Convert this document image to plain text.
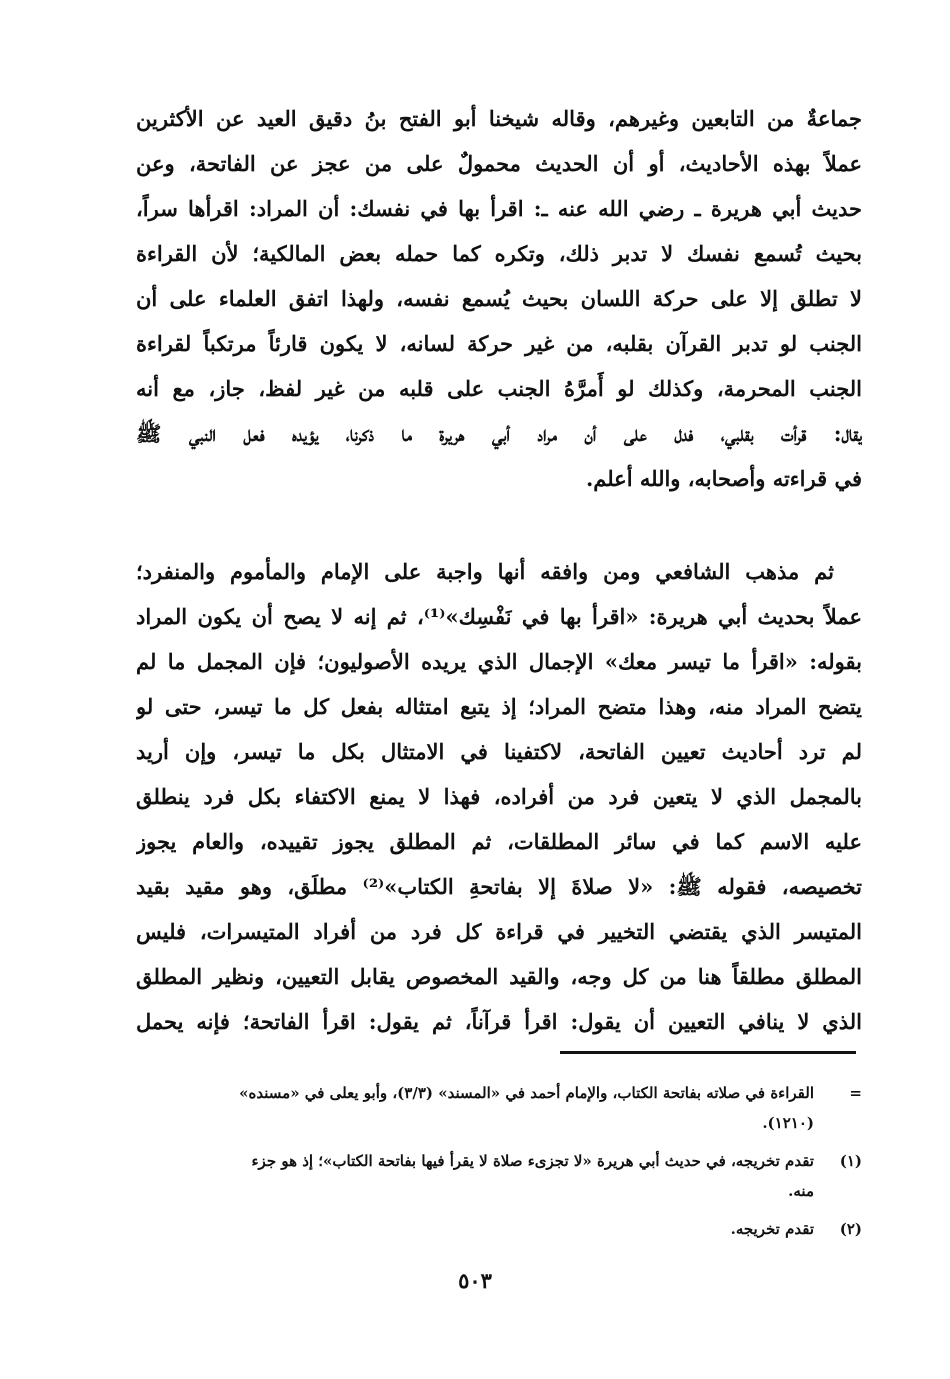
جماعةٌ من التابعين وغيرهم، وقاله شيخنا أبو الفتح بنُ دقيق العيد عن الأكثرين
عملاً بهذه الأحاديث، أو أن الحديث محمولٌ على من عجز عن الفاتحة، وعن
حديث أبي هريرة ـ رضي الله عنه ـ: اقرأ بها في نفسك: أن المراد: اقرأها سراً،
بحيث تُسمع نفسك لا تدبر ذلك، وتكره كما حمله بعض المالكية؛ لأن القراءة
لا تطلق إلا على حركة اللسان بحيث يُسمع نفسه، ولهذا اتفق العلماء على أن
الجنب لو تدبر القرآن بقلبه، من غير حركة لسانه، لا يكون قارئاً مرتكباً لقراءة
الجنب المحرمة، وكذلك لو أَمرَّهُ الجنب على قلبه من غير لفظ، جاز، مع أنه
يقال: قرأت بقلبي، فدل على أن مراد أبي هريرة ما ذكرنا، يؤيده فعل النبي ﷺ
في قراءته وأصحابه، والله أعلم.
ثم مذهب الشافعي ومن وافقه أنها واجبة على الإمام والمأموم والمنفرد؛
عملاً بحديث أبي هريرة: «اقرأ بها في نَفْسِك»⁽¹⁾، ثم إنه لا يصح أن يكون المراد
بقوله: «اقرأ ما تيسر معك» الإجمال الذي يريده الأصوليون؛ فإن المجمل ما لم
يتضح المراد منه، وهذا متضح المراد؛ إذ يتبع امتثاله بفعل كل ما تيسر، حتى لو
لم ترد أحاديث تعيين الفاتحة، لاكتفينا في الامتثال بكل ما تيسر، وإن أريد
بالمجمل الذي لا يتعين فرد من أفراده، فهذا لا يمنع الاكتفاء بكل فرد ينطلق
عليه الاسم كما في سائر المطلقات، ثم المطلق يجوز تقييده، والعام يجوز
تخصيصه، فقوله ﷺ: «لا صلاةَ إلا بفاتحةِ الكتاب»⁽²⁾ مطلَق، وهو مقيد بقيد
المتيسر الذي يقتضي التخيير في قراءة كل فرد من أفراد المتيسرات، فليس
المطلق مطلقاً هنا من كل وجه، والقيد المخصوص يقابل التعيين، ونظير المطلق
الذي لا ينافي التعيين أن يقول: اقرأ قرآناً، ثم يقول: اقرأ الفاتحة؛ فإنه يحمل
=
القراءة في صلاته بفاتحة الكتاب، والإمام أحمد في «المسند» (٣/٣)، وأبو يعلى في «مسنده»
(١٢١٠).
(١)
تقدم تخريجه، في حديث أبي هريرة «لا تجزىء صلاة لا يقرأ فيها بفاتحة الكتاب»؛ إذ هو جزء
منه.
(٢)
تقدم تخريجه.
٥٠٣
